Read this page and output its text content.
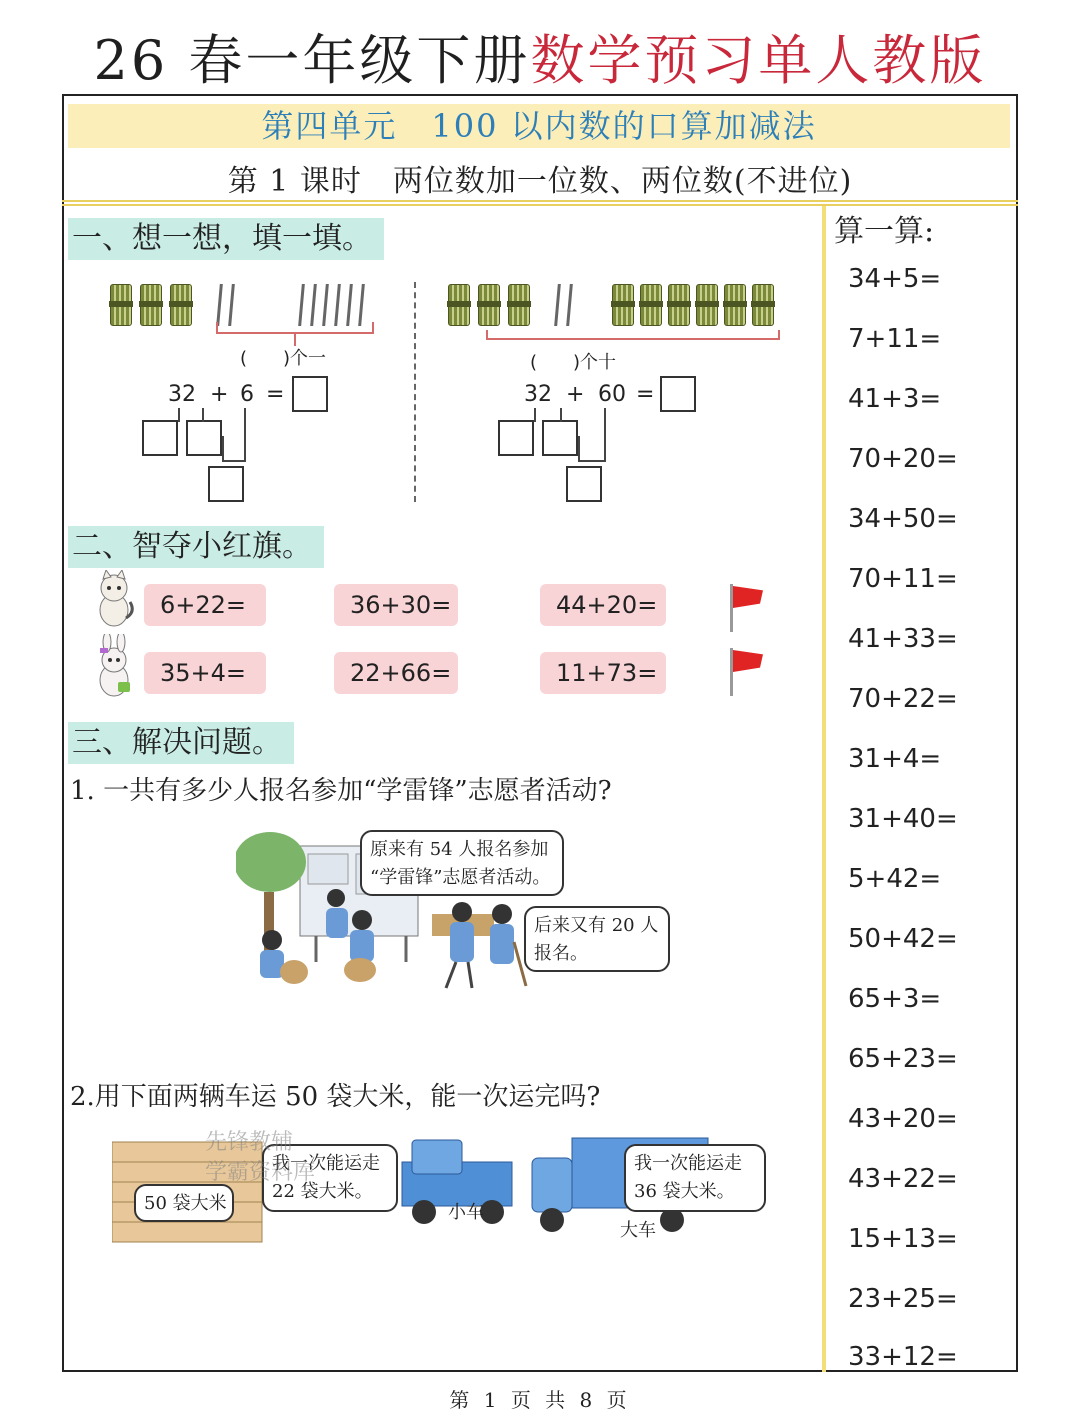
26 春一年级下册数学预习单人教版
第四单元　100 以内数的口算加减法
第 1 课时　两位数加一位数、两位数(不进位)
一、想一想，填一填。
(　　)个一
32 + 6 =
(　　)个十
32 + 60 =
二、智夺小红旗。
6+22=	36+30=	44+20=
35+4=	22+66=	11+73=
三、解决问题。
1. 一共有多少人报名参加“学雷锋”志愿者活动?
原来有 54 人报名参加
“学雷锋”志愿者活动。
后来又有 20 人
报名。
2.用下面两辆车运 50 袋大米，能一次运完吗?
50 袋大米
我一次能运走
22 袋大米。
小车
我一次能运走
36 袋大米。
大车
先锋教辅
学霸资料库
算一算:
34+5=
7+11=
41+3=
70+20=
34+50=
70+11=
41+33=
70+22=
31+4=
31+40=
5+42=
50+42=
65+3=
65+23=
43+20=
43+22=
15+13=
23+25=
33+12=
第 1 页 共 8 页
